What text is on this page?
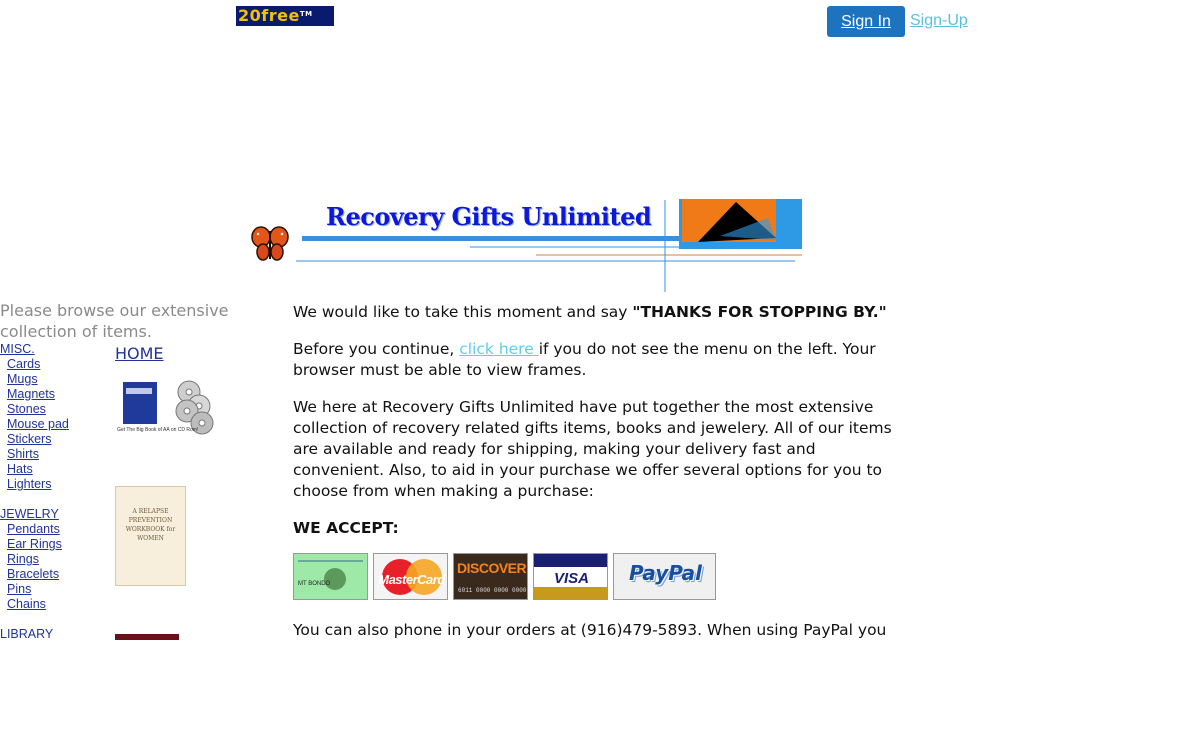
20free™	Sign In	Sign-Up
Recovery Gifts Unlimited
Please browse our extensive collection of items.
MISC.
Cards
Mugs
Magnets
Stones
Mouse pad
Stickers
Shirts
Hats
Lighters
JEWELRY
Pendants
Ear Rings
Rings
Bracelets
Pins
Chains
LIBRARY
HOME
Get The Big Book of AA on CD Rom!
A RELAPSE PREVENTION WORKBOOK for WOMEN

We would like to take this moment and say "THANKS FOR STOPPING BY."

Before you continue, click here if you do not see the menu on the left. Your browser must be able to view frames.

We here at Recovery Gifts Unlimited have put together the most extensive collection of recovery related gifts items, books and jewelery. All of our items are available and ready for shipping, making your delivery fast and convenient. Also, to aid in your purchase we offer several options for you to choose from when making a purchase:

WE ACCEPT:

MT BONDO	MasterCard
DISCOVER
6011 0000 0000 0000
VISA	PayPal

You can also phone in your orders at (916)479-5893. When using PayPal you
